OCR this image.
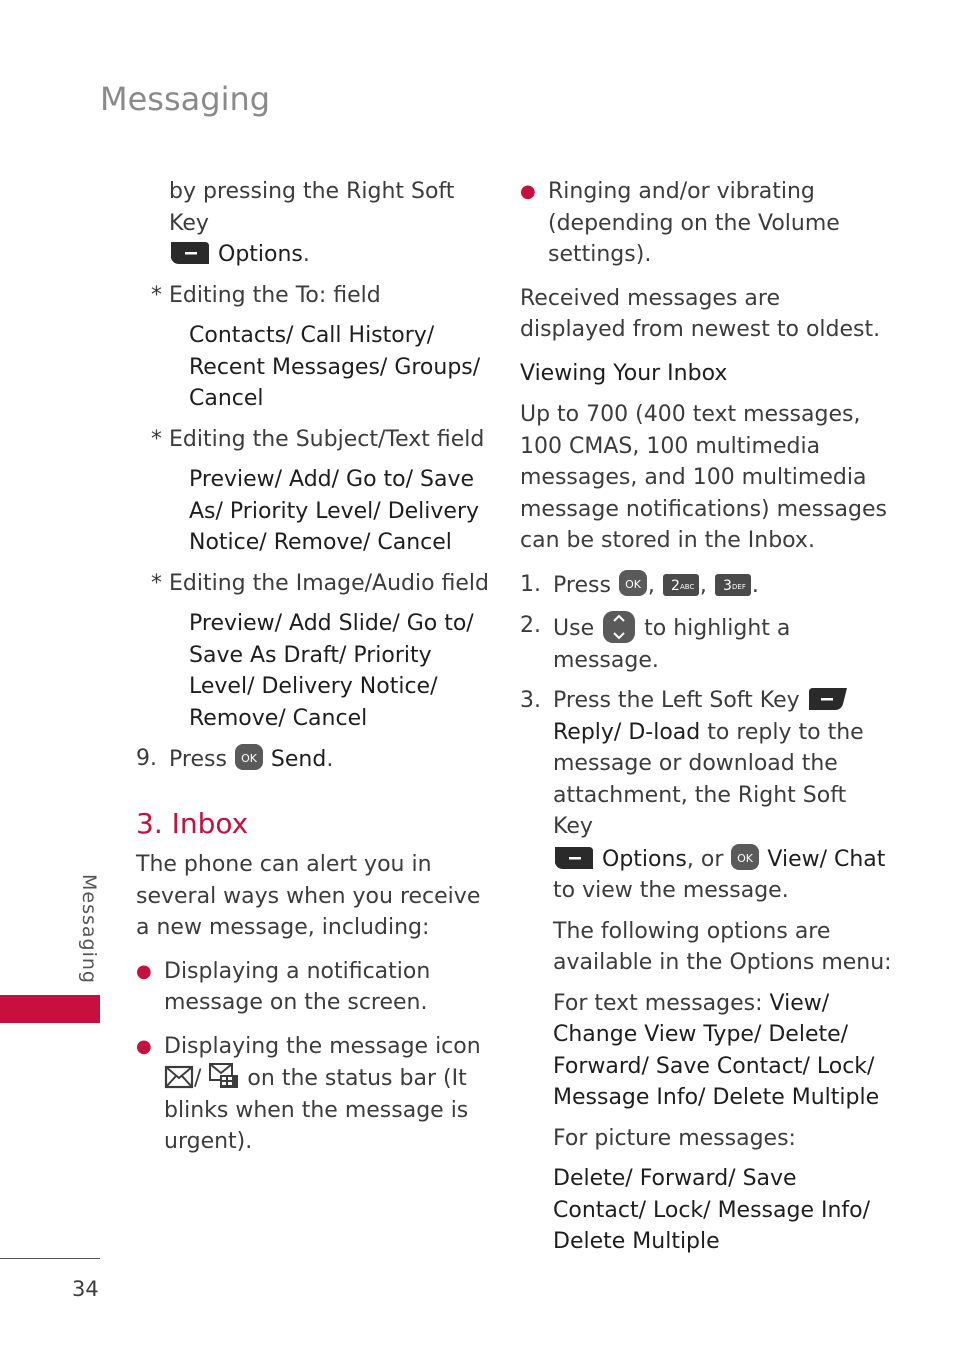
Messaging
by pressing the Right Soft Key
Options.

* Editing the To: field

Contacts/ Call History/ Recent Messages/ Groups/ Cancel

* Editing the Subject/Text field

Preview/ Add/ Go to/ Save As/ Priority Level/ Delivery Notice/ Remove/ Cancel

* Editing the Image/Audio field

Preview/ Add Slide/ Go to/ Save As Draft/ Priority Level/ Delivery Notice/ Remove/ Cancel

9. Press OK Send.
3. Inbox

The phone can alert you in several ways when you receive a new message, including:

● Displaying a notification message on the screen.
● Displaying the message icon
/ on the status bar (It blinks when the message is urgent).
● Ringing and/or vibrating (depending on the Volume settings).

Received messages are displayed from newest to oldest.

Viewing Your Inbox

Up to 700 (400 text messages, 100 CMAS, 100 multimedia messages, and 100 multimedia message notifications) messages can be stored in the Inbox.

1. Press OK , 2 ABC , 3 DEF .
2. Use to highlight a message.
3. Press the Left Soft Key  Reply/ D-load to reply to the message or download the attachment, the Right Soft Key
Options, or OK View/ Chat to view the message.

The following options are available in the Options menu:

For text messages: View/ Change View Type/ Delete/ Forward/ Save Contact/ Lock/ Message Info/ Delete Multiple

For picture messages:

Delete/ Forward/ Save Contact/ Lock/ Message Info/ Delete Multiple

Messaging
34
